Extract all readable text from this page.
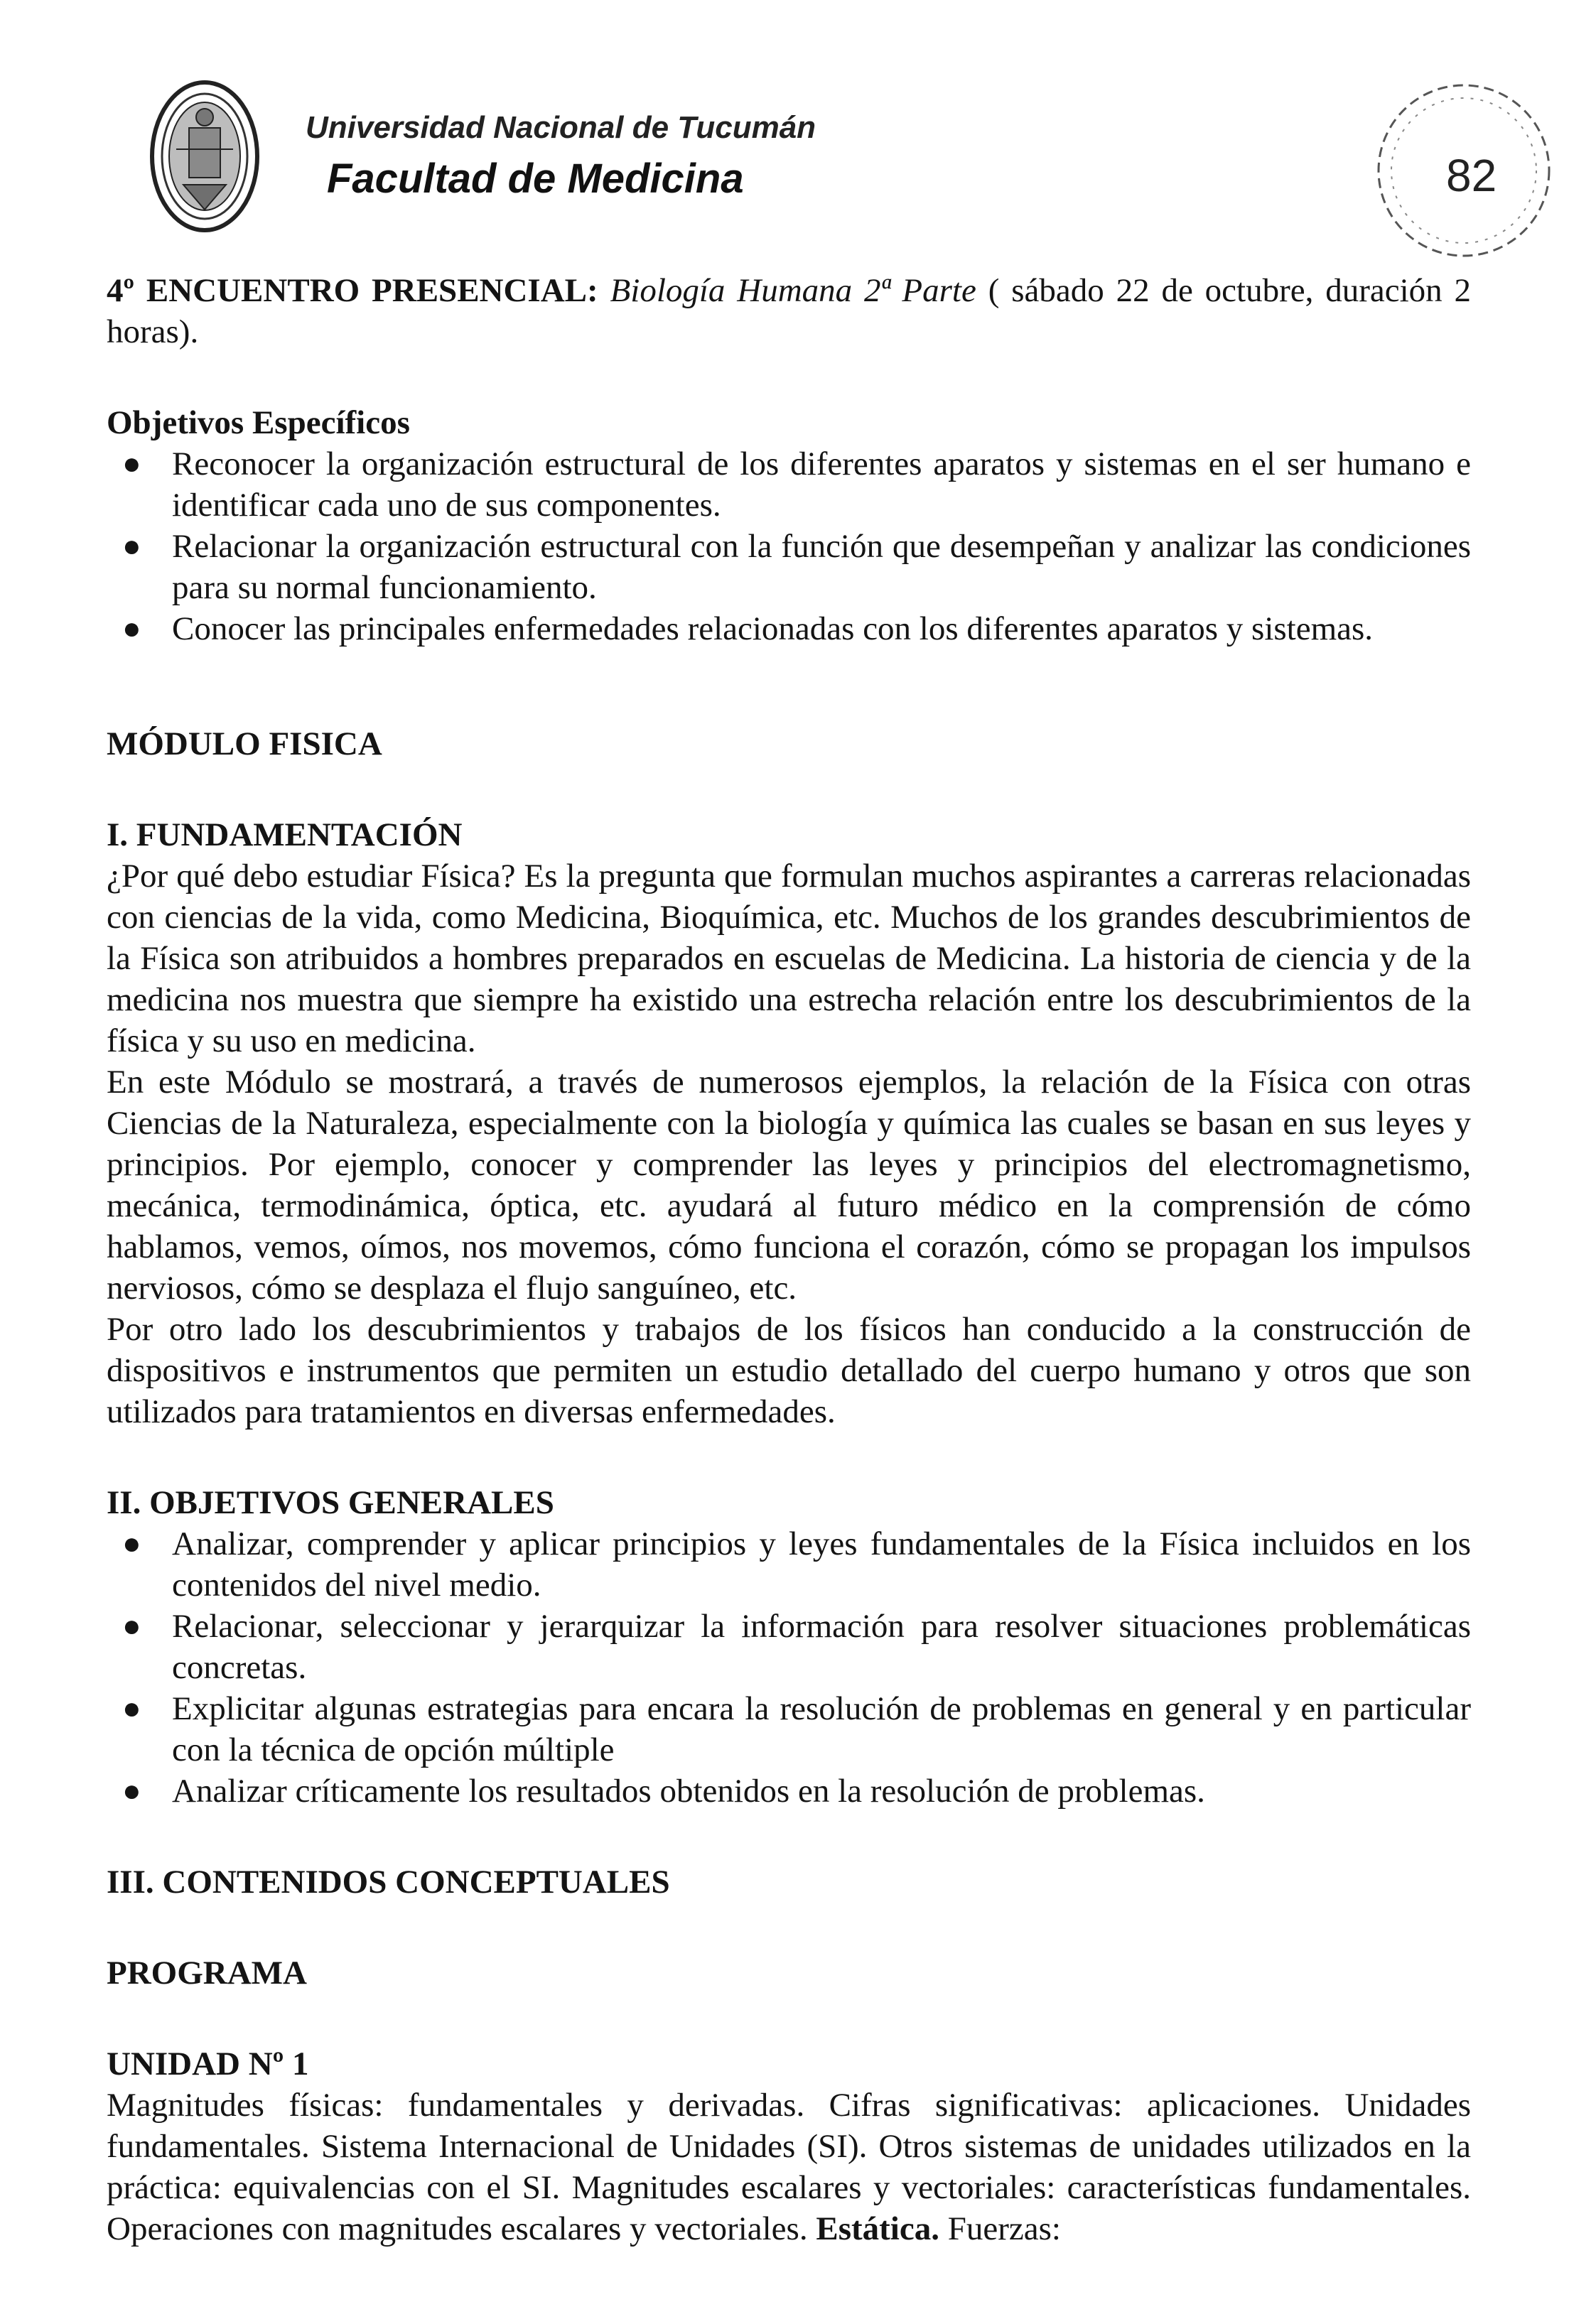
Universidad Nacional de Tucumán
Facultad de Medicina	82

4º ENCUENTRO PRESENCIAL: Biología Humana 2ª Parte ( sábado 22 de octubre, duración 2 horas).

Objetivos Específicos

● Reconocer la organización estructural de los diferentes aparatos y sistemas en el ser humano e identificar cada uno de sus componentes.
● Relacionar la organización estructural con la función que desempeñan y analizar las condiciones para su normal funcionamiento.
● Conocer las principales enfermedades relacionadas con los diferentes aparatos y sistemas.

MÓDULO FISICA

I. FUNDAMENTACIÓN

¿Por qué debo estudiar Física? Es la pregunta que formulan muchos aspirantes a carreras relacionadas con ciencias de la vida, como Medicina, Bioquímica, etc. Muchos de los grandes descubrimientos de la Física son atribuidos a hombres preparados en escuelas de Medicina. La historia de ciencia y de la medicina nos muestra que siempre ha existido una estrecha relación entre los descubrimientos de la física y su uso en medicina.

En este Módulo se mostrará, a través de numerosos ejemplos, la relación de la Física con otras Ciencias de la Naturaleza, especialmente con la biología y química las cuales se basan en sus leyes y principios. Por ejemplo, conocer y comprender las leyes y principios del electromagnetismo, mecánica, termodinámica, óptica, etc. ayudará al futuro médico en la comprensión de cómo hablamos, vemos, oímos, nos movemos, cómo funciona el corazón, cómo se propagan los impulsos nerviosos, cómo se desplaza el flujo sanguíneo, etc.

Por otro lado los descubrimientos y trabajos de los físicos han conducido a la construcción de dispositivos e instrumentos que permiten un estudio detallado del cuerpo humano y otros que son utilizados para tratamientos en diversas enfermedades.

II. OBJETIVOS GENERALES

● Analizar, comprender y aplicar principios y leyes fundamentales de la Física incluidos en los contenidos del nivel medio.
● Relacionar, seleccionar y jerarquizar la información para resolver situaciones problemáticas concretas.
● Explicitar algunas estrategias para encara la resolución de problemas en general y en particular con la técnica de opción múltiple
● Analizar críticamente los resultados obtenidos en la resolución de problemas.

III. CONTENIDOS CONCEPTUALES

PROGRAMA

UNIDAD Nº 1

Magnitudes físicas: fundamentales y derivadas. Cifras significativas: aplicaciones. Unidades fundamentales. Sistema Internacional de Unidades (SI). Otros sistemas de unidades utilizados en la práctica: equivalencias con el SI. Magnitudes escalares y vectoriales: características fundamentales. Operaciones con magnitudes escalares y vectoriales. Estática. Fuerzas:
